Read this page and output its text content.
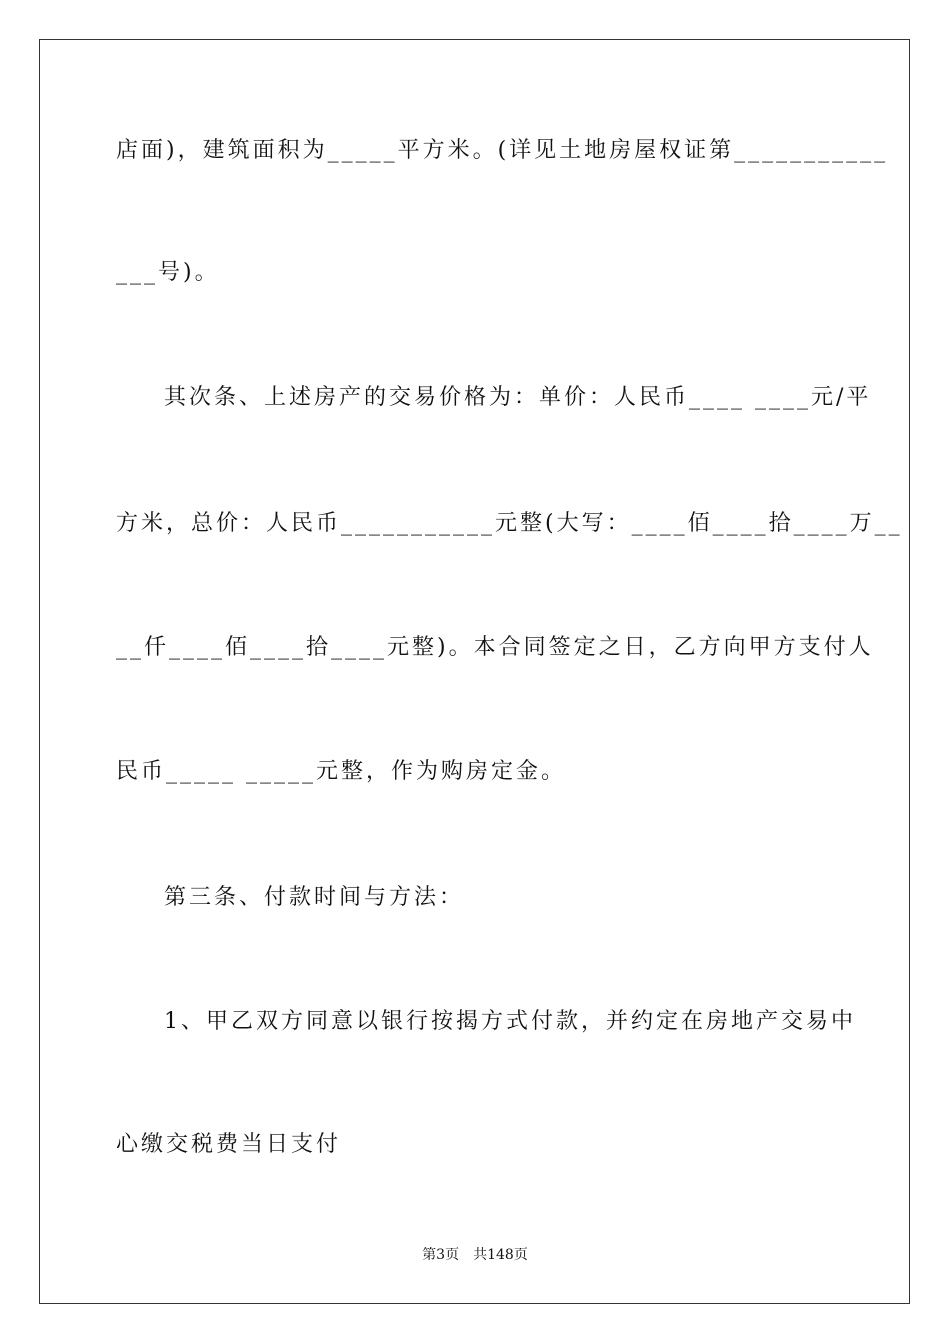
店面)，建筑面积为_____平方米。(详见土地房屋权证第___________
___号)。
其次条、上述房产的交易价格为：单价：人民币____ ____元/平
方米，总价：人民币___________元整(大写：____佰____拾____万__
__仟____佰____拾____元整)。本合同签定之日，乙方向甲方支付人
民币_____ _____元整，作为购房定金。
第三条、付款时间与方法：
1、甲乙双方同意以银行按揭方式付款，并约定在房地产交易中
心缴交税费当日支付
第3页 共148页
